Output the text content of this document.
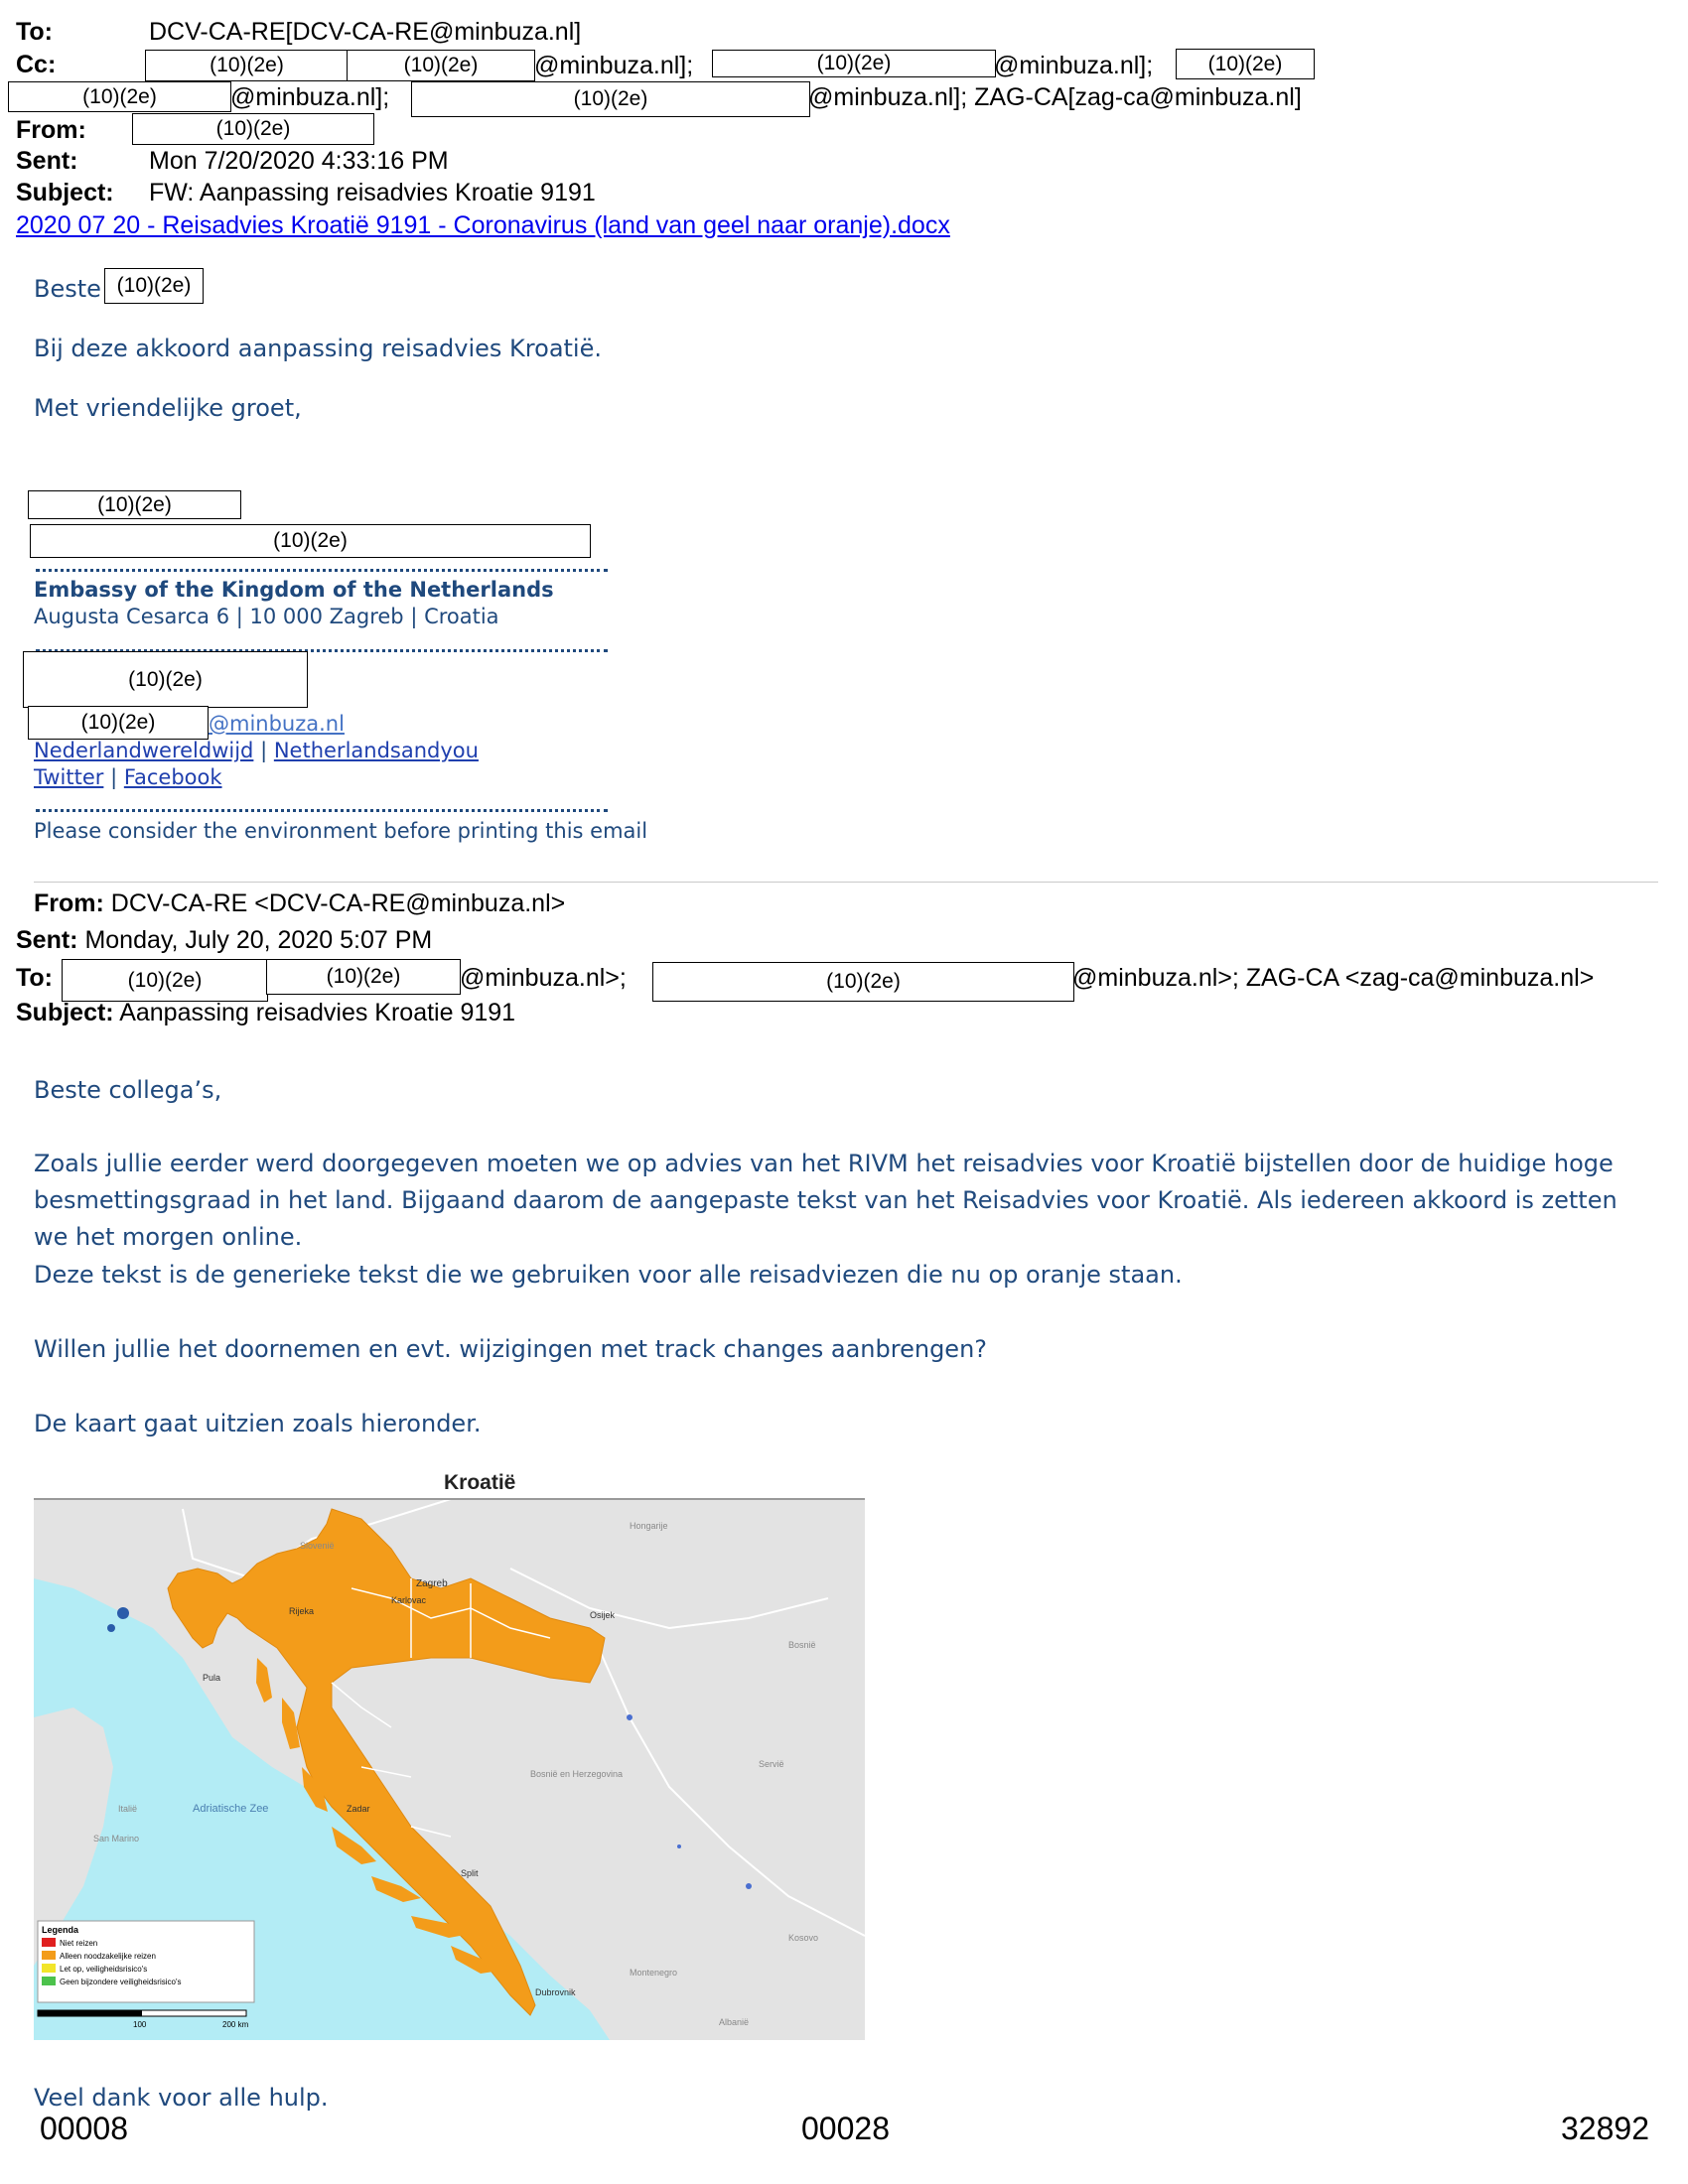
To:	DCV-CA-RE[DCV-CA-RE@minbuza.nl]
Cc:	(10)(2e)	(10)(2e) @minbuza.nl];	(10)(2e)	@minbuza.nl];	(10)(2e)
(10)(2e)	@minbuza.nl];	(10)(2e)	@minbuza.nl]; ZAG-CA[zag-ca@minbuza.nl]
From:	(10)(2e)
Sent:	Mon 7/20/2020 4:33:16 PM
Subject: FW: Aanpassing reisadvies Kroatie 9191
2020 07 20 - Reisadvies Kroatië 9191 - Coronavirus (land van geel naar oranje).docx
Beste (10)(2e)
Bij deze akkoord aanpassing reisadvies Kroatië.
Met vriendelijke groet,
(10)(2e)
(10)(2e)
Embassy of the Kingdom of the Netherlands
Augusta Cesarca 6 | 10 000 Zagreb | Croatia
(10)(2e)
(10)(2e)	@minbuza.nl
Nederlandwereldwijd | Netherlandsandyou
Twitter | Facebook
Please consider the environment before printing this email
From: DCV-CA-RE <DCV-CA-RE@minbuza.nl>
Sent: Monday, July 20, 2020 5:07 PM
To:	(10)(2e)	(10)(2e) @minbuza.nl>;	(10)(2e)	@minbuza.nl>; ZAG-CA <zag-ca@minbuza.nl>
Subject: Aanpassing reisadvies Kroatie 9191
Beste collega’s,
Zoals jullie eerder werd doorgegeven moeten we op advies van het RIVM het reisadvies voor Kroatië bijstellen door de huidige hoge besmettingsgraad in het land. Bijgaand daarom de aangepaste tekst van het Reisadvies voor Kroatië. Als iedereen akkoord is zetten we het morgen online.
Deze tekst is de generieke tekst die we gebruiken voor alle reisadviezen die nu op oranje staan.
Willen jullie het doornemen en evt. wijzigingen met track changes aanbrengen?
De kaart gaat uitzien zoals hieronder.
Kroatië
Adriatische Zee
Zagreb
Rijeka
Pula
Zadar
Split
Dubrovnik
Osijek
Karlovac
Slovenië
Hongarije
Bosnië en Herzegovina
Servië
Montenegro
San Marino
Italië
Kosovo
Albanië
Bosnië
Legenda
Niet reizen
Alleen noodzakelijke reizen
Let op, veiligheidsrisico's
Geen bijzondere veiligheidsrisico's
100	200 km
Veel dank voor alle hulp.
00008	00028	32892
